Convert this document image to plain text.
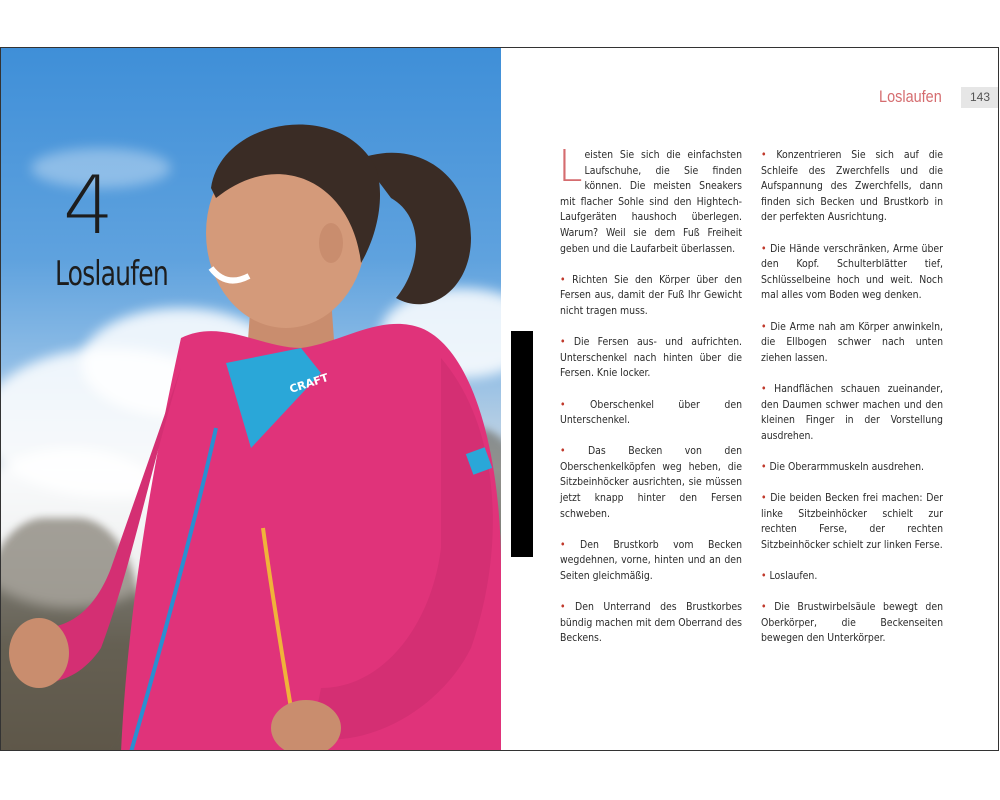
CRAFT
4
Loslaufen
Loslaufen	143

Leisten Sie sich die einfachsten Laufschuhe, die Sie finden können. Die meisten Sneakers mit flacher Sohle sind den Hightech-Laufgeräten haushoch überlegen. Warum? Weil sie dem Fuß Freiheit geben und die Laufarbeit überlassen.

• Richten Sie den Körper über den Fersen aus, damit der Fuß Ihr Gewicht nicht tragen muss.

• Die Fersen aus- und aufrichten. Unterschenkel nach hinten über die Fersen. Knie locker.

• Oberschenkel über den Unterschenkel.

• Das Becken von den Oberschenkelköpfen weg heben, die Sitzbeinhöcker ausrichten, sie müssen jetzt knapp hinter den Fersen schweben.

• Den Brustkorb vom Becken wegdehnen, vorne, hinten und an den Seiten gleichmäßig.

• Den Unterrand des Brustkorbes bündig machen mit dem Oberrand des Beckens.

• Konzentrieren Sie sich auf die Schleife des Zwerchfells und die Aufspannung des Zwerchfells, dann finden sich Becken und Brustkorb in der perfekten Ausrichtung.

• Die Hände verschränken, Arme über den Kopf. Schulterblätter tief, Schlüsselbeine hoch und weit. Noch mal alles vom Boden weg denken.

• Die Arme nah am Körper anwinkeln, die Ellbogen schwer nach unten ziehen lassen.

• Handflächen schauen zueinander, den Daumen schwer machen und den kleinen Finger in der Vorstellung ausdrehen.

• Die Oberarmmuskeln ausdrehen.

• Die beiden Becken frei machen: Der linke Sitzbeinhöcker schielt zur rechten Ferse, der rechten Sitzbeinhöcker schielt zur linken Ferse.

• Loslaufen.

• Die Brustwirbelsäule bewegt den Oberkörper, die Beckenseiten bewegen den Unterkörper.
